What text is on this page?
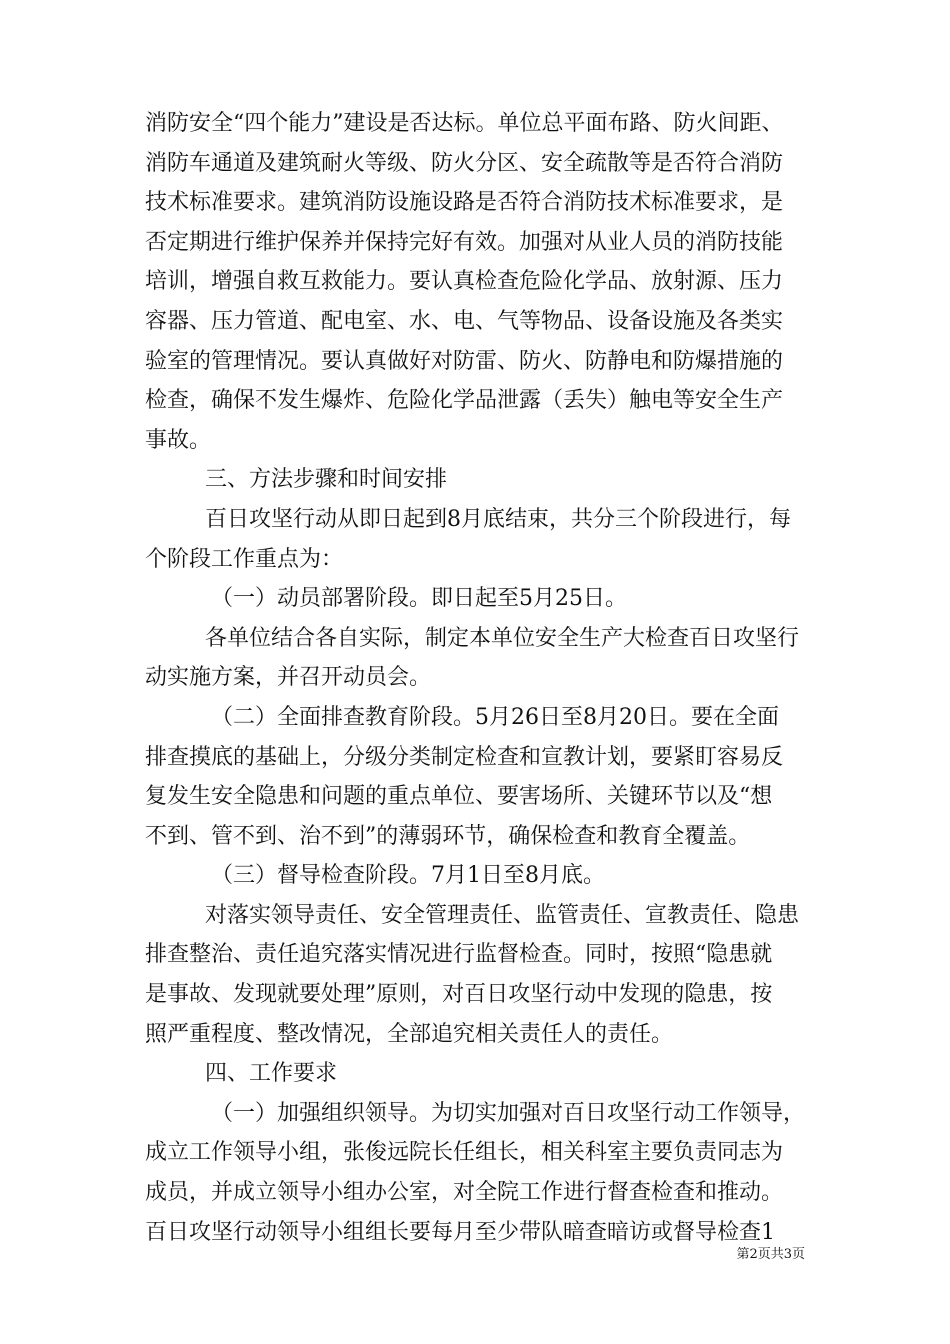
消防安全“四个能力”建设是否达标。单位总平面布路、防火间距、
消防车通道及建筑耐火等级、防火分区、安全疏散等是否符合消防
技术标准要求。建筑消防设施设路是否符合消防技术标准要求，是
否定期进行维护保养并保持完好有效。加强对从业人员的消防技能
培训，增强自救互救能力。要认真检查危险化学品、放射源、压力
容器、压力管道、配电室、水、电、气等物品、设备设施及各类实
验室的管理情况。要认真做好对防雷、防火、防静电和防爆措施的
检查，确保不发生爆炸、危险化学品泄露（丢失）触电等安全生产
事故。
三、方法步骤和时间安排
百日攻坚行动从即日起到8月底结束，共分三个阶段进行，每
个阶段工作重点为：
（一）动员部署阶段。即日起至5月25日。
各单位结合各自实际，制定本单位安全生产大检查百日攻坚行
动实施方案，并召开动员会。
（二）全面排查教育阶段。5月26日至8月20日。要在全面
排查摸底的基础上，分级分类制定检查和宣教计划，要紧盯容易反
复发生安全隐患和问题的重点单位、要害场所、关键环节以及“想
不到、管不到、治不到”的薄弱环节，确保检查和教育全覆盖。
（三）督导检查阶段。7月1日至8月底。
对落实领导责任、安全管理责任、监管责任、宣教责任、隐患
排查整治、责任追究落实情况进行监督检查。同时，按照“隐患就
是事故、发现就要处理”原则，对百日攻坚行动中发现的隐患，按
照严重程度、整改情况，全部追究相关责任人的责任。
四、工作要求
（一）加强组织领导。为切实加强对百日攻坚行动工作领导，
成立工作领导小组，张俊远院长任组长，相关科室主要负责同志为
成员，并成立领导小组办公室，对全院工作进行督查检查和推动。
百日攻坚行动领导小组组长要每月至少带队暗查暗访或督导检查1
第2页共3页
